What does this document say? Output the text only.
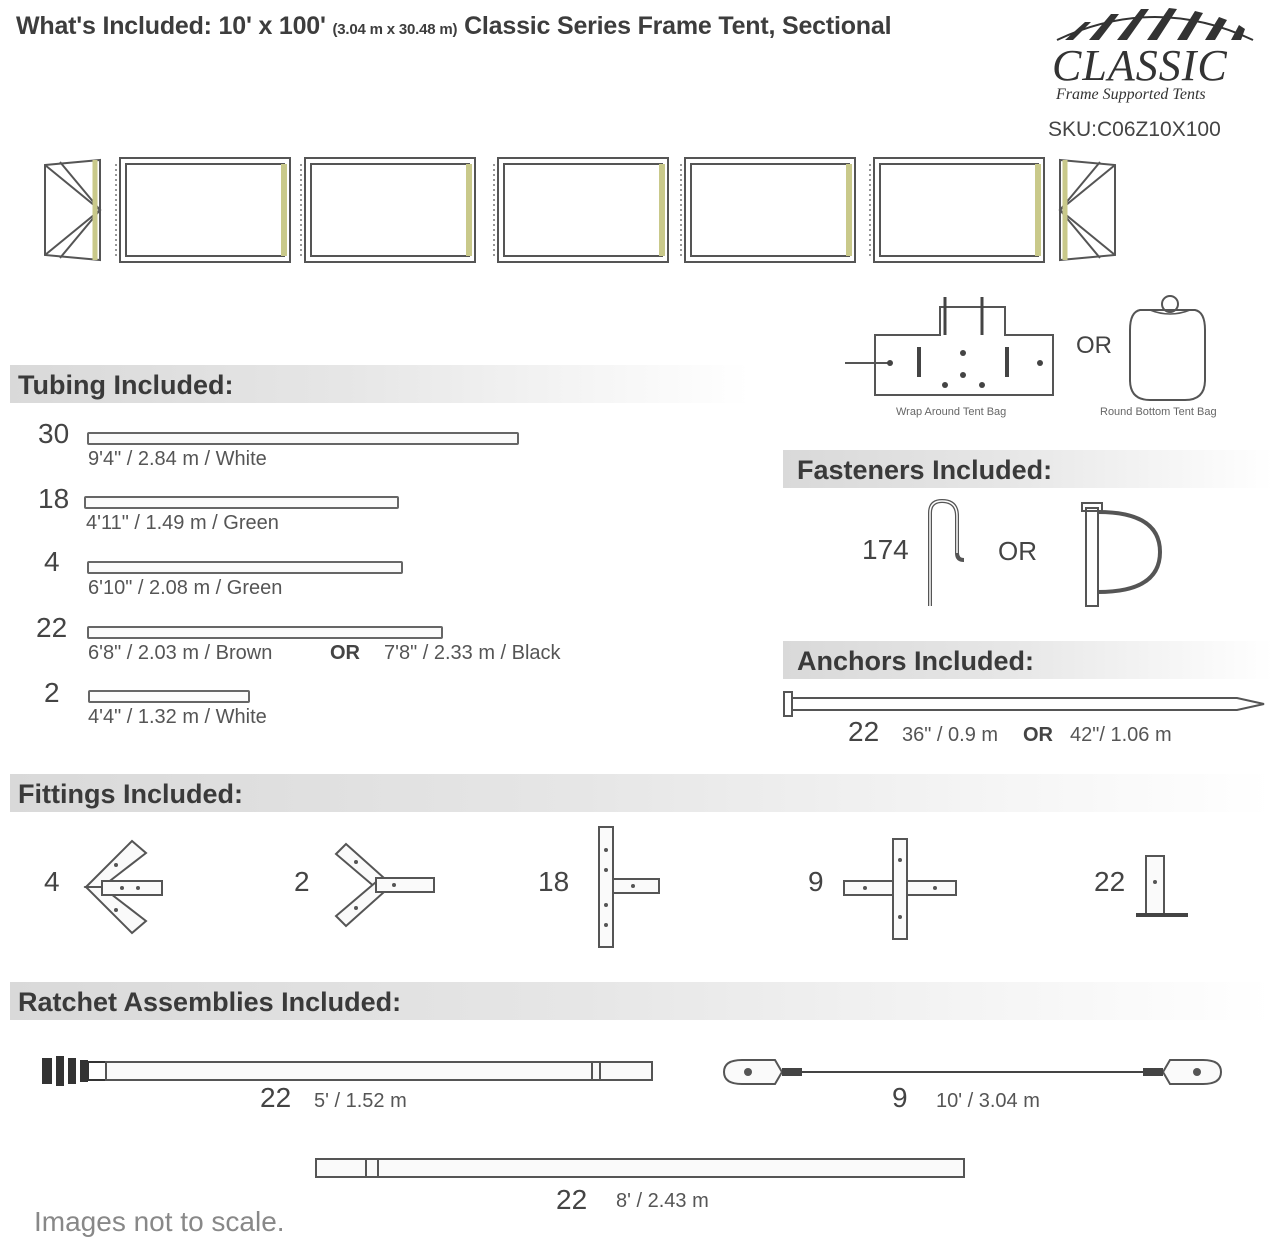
What's Included: 10' x 100' (3.04 m x 30.48 m) Classic Series Frame Tent, Sectional
CLASSIC
Frame Supported Tents
SKU:C06Z10X100
Wrap Around Tent Bag
OR
Round Bottom Tent Bag
Tubing Included:
30
9'4" / 2.84 m / White
18
4'11" / 1.49 m / Green
4
6'10" / 2.08 m / Green
22
6'8" / 2.03 m / Brown	OR 7'8" / 2.33 m / Black
2
4'4" / 1.32 m / White
Fasteners Included:
174	OR
Anchors Included:
22 36" / 0.9 m OR 42"/ 1.06 m
Fittings Included:
4	2	18	9	22
Ratchet Assemblies Included:
22 5' / 1.52 m	9 10' / 3.04 m
22 8' / 2.43 m
Images not to scale.
